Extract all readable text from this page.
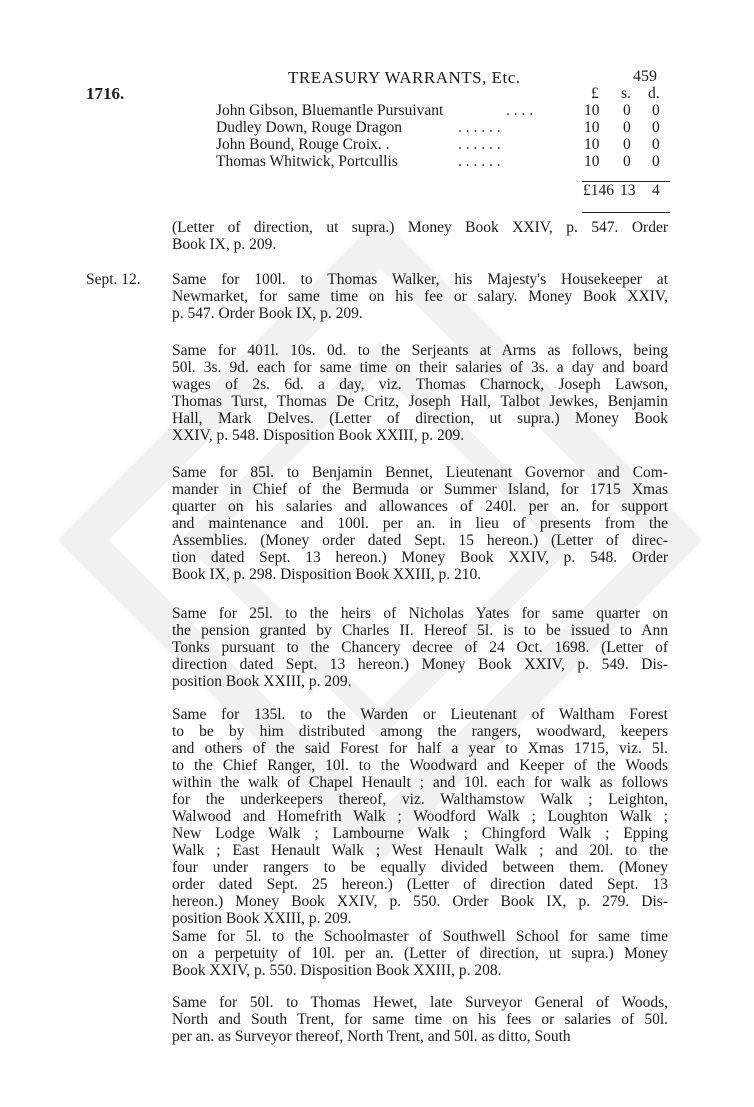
1716.
TREASURY WARRANTS, Etc.	459
£ s. d.
John Gibson, Bluemantle Pursuivant	. . . .	10 0 0
Dudley Down, Rouge Dragon	. . . . . .	10 0 0
John Bound, Rouge Croix. .	. . . . . .	10 0 0
Thomas Whitwick, Portcullis	. . . . . .	10 0 0
£146 13 4
(Letter of direction, ut supra.) Money Book XXIV, p. 547. Order
Book IX, p. 209.
Sept. 12. Same for 100l. to Thomas Walker, his Majesty's Housekeeper at
Newmarket, for same time on his fee or salary. Money Book XXIV,
p. 547. Order Book IX, p. 209.
Same for 401l. 10s. 0d. to the Serjeants at Arms as follows, being
50l. 3s. 9d. each for same time on their salaries of 3s. a day and board
wages of 2s. 6d. a day, viz. Thomas Charnock, Joseph Lawson,
Thomas Turst, Thomas De Critz, Joseph Hall, Talbot Jewkes, Benjamin
Hall, Mark Delves. (Letter of direction, ut supra.) Money Book
XXIV, p. 548. Disposition Book XXIII, p. 209.
Same for 85l. to Benjamin Bennet, Lieutenant Governor and Com-
mander in Chief of the Bermuda or Summer Island, for 1715 Xmas
quarter on his salaries and allowances of 240l. per an. for support
and maintenance and 100l. per an. in lieu of presents from the
Assemblies. (Money order dated Sept. 15 hereon.) (Letter of direc-
tion dated Sept. 13 hereon.) Money Book XXIV, p. 548. Order
Book IX, p. 298. Disposition Book XXIII, p. 210.
Same for 25l. to the heirs of Nicholas Yates for same quarter on
the pension granted by Charles II. Hereof 5l. is to be issued to Ann
Tonks pursuant to the Chancery decree of 24 Oct. 1698. (Letter of
direction dated Sept. 13 hereon.) Money Book XXIV, p. 549. Dis-
position Book XXIII, p. 209.
Same for 135l. to the Warden or Lieutenant of Waltham Forest
to be by him distributed among the rangers, woodward, keepers
and others of the said Forest for half a year to Xmas 1715, viz. 5l.
to the Chief Ranger, 10l. to the Woodward and Keeper of the Woods
within the walk of Chapel Henault ; and 10l. each for walk as follows
for the underkeepers thereof, viz. Walthamstow Walk ; Leighton,
Walwood and Homefrith Walk ; Woodford Walk ; Loughton Walk ;
New Lodge Walk ; Lambourne Walk ; Chingford Walk ; Epping
Walk ; East Henault Walk ; West Henault Walk ; and 20l. to the
four under rangers to be equally divided between them. (Money
order dated Sept. 25 hereon.) (Letter of direction dated Sept. 13
hereon.) Money Book XXIV, p. 550. Order Book IX, p. 279. Dis-
position Book XXIII, p. 209.
Same for 5l. to the Schoolmaster of Southwell School for same time
on a perpetuity of 10l. per an. (Letter of direction, ut supra.) Money
Book XXIV, p. 550. Disposition Book XXIII, p. 208.
Same for 50l. to Thomas Hewet, late Surveyor General of Woods,
North and South Trent, for same time on his fees or salaries of 50l.
per an. as Surveyor thereof, North Trent, and 50l. as ditto, South
